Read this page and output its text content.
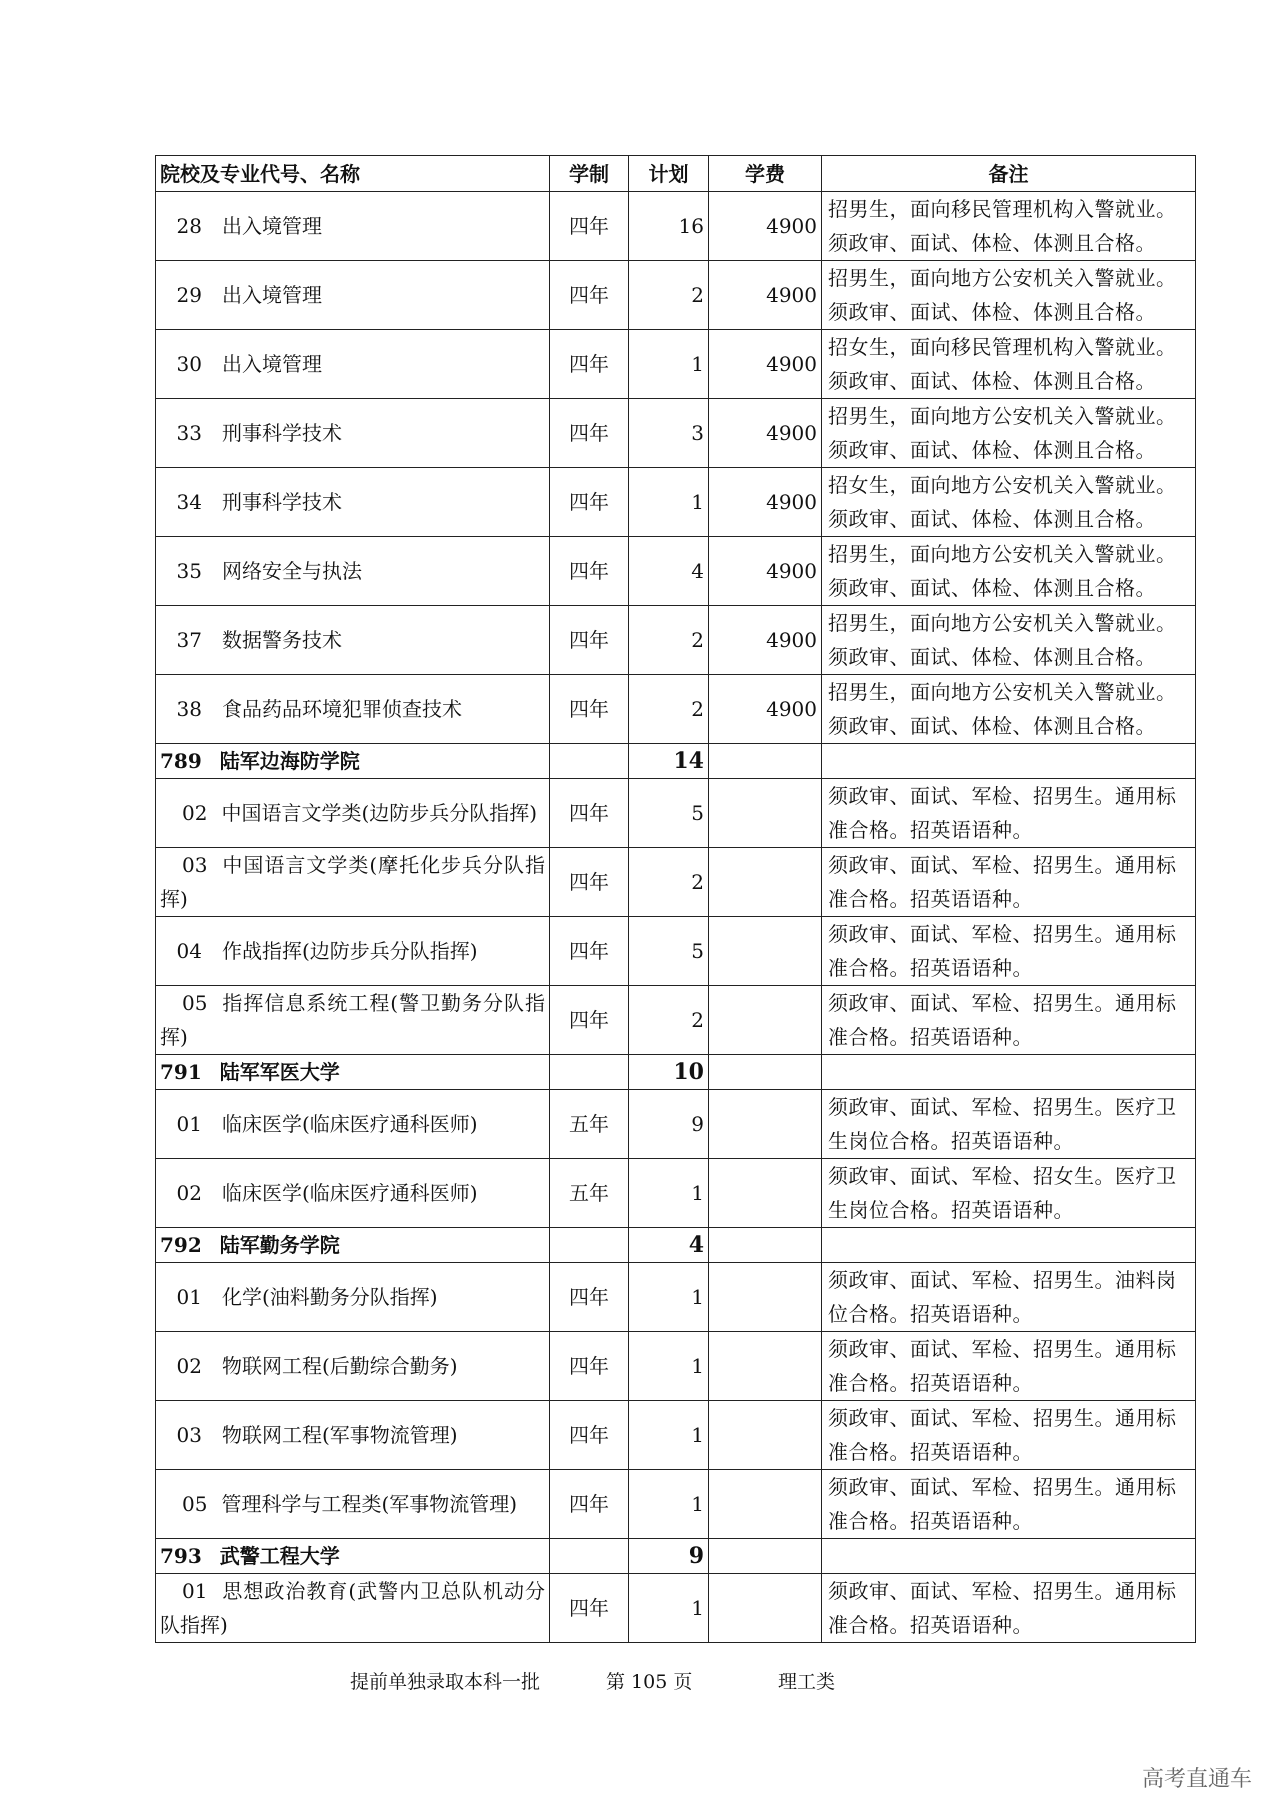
院校及专业代号、名称	学制	计划	学费	备注
28 出入境管理	四年	16	4900	招男生，面向移民管理机构入警就业。须政审、面试、体检、体测且合格。
29 出入境管理	四年	2	4900	招男生，面向地方公安机关入警就业。须政审、面试、体检、体测且合格。
30 出入境管理	四年	1	4900	招女生，面向移民管理机构入警就业。须政审、面试、体检、体测且合格。
33 刑事科学技术	四年	3	4900	招男生，面向地方公安机关入警就业。须政审、面试、体检、体测且合格。
34 刑事科学技术	四年	1	4900	招女生，面向地方公安机关入警就业。须政审、面试、体检、体测且合格。
35 网络安全与执法	四年	4	4900	招男生，面向地方公安机关入警就业。须政审、面试、体检、体测且合格。
37 数据警务技术	四年	2	4900	招男生，面向地方公安机关入警就业。须政审、面试、体检、体测且合格。
38 食品药品环境犯罪侦查技术	四年	2	4900	招男生，面向地方公安机关入警就业。须政审、面试、体检、体测且合格。
789 陆军边海防学院		14		

02 中国语言文学类(边防步兵分队指挥)	四年	5		须政审、面试、军检、招男生。通用标准合格。招英语语种。

03 中国语言文学类(摩托化步兵分队指挥)	四年	2		须政审、面试、军检、招男生。通用标准合格。招英语语种。
04 作战指挥(边防步兵分队指挥)	四年	5		须政审、面试、军检、招男生。通用标准合格。招英语语种。

05 指挥信息系统工程(警卫勤务分队指挥)	四年	2		须政审、面试、军检、招男生。通用标准合格。招英语语种。
791 陆军军医大学		10		
01 临床医学(临床医疗通科医师)	五年	9		须政审、面试、军检、招男生。医疗卫生岗位合格。招英语语种。
02 临床医学(临床医疗通科医师)	五年	1		须政审、面试、军检、招女生。医疗卫生岗位合格。招英语语种。
792 陆军勤务学院		4		
01 化学(油料勤务分队指挥)	四年	1		须政审、面试、军检、招男生。油料岗位合格。招英语语种。
02 物联网工程(后勤综合勤务)	四年	1		须政审、面试、军检、招男生。通用标准合格。招英语语种。
03 物联网工程(军事物流管理)	四年	1		须政审、面试、军检、招男生。通用标准合格。招英语语种。

05 管理科学与工程类(军事物流管理)	四年	1		须政审、面试、军检、招男生。通用标准合格。招英语语种。
793 武警工程大学		9		

01 思想政治教育(武警内卫总队机动分队指挥)	四年	1		须政审、面试、军检、招男生。通用标准合格。招英语语种。
提前单独录取本科一批	第 105 页	理工类
高考直通车
